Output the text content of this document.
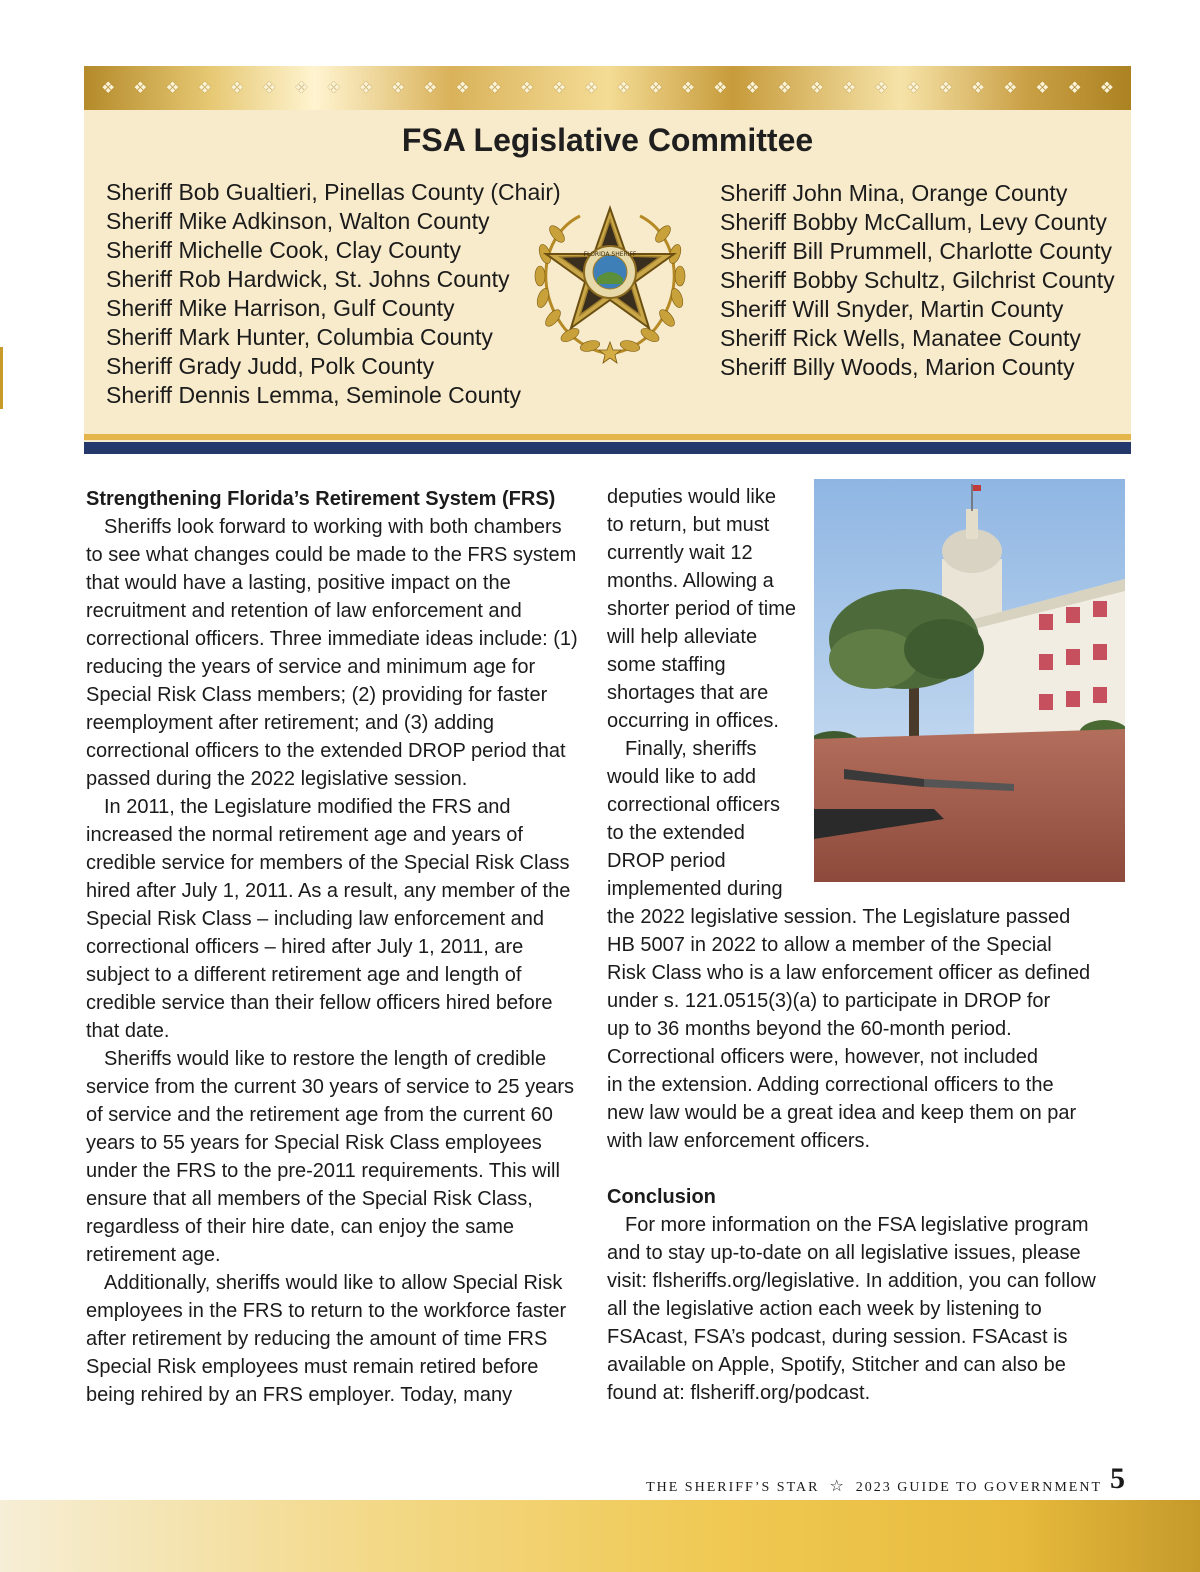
❖ ❖ ❖ ❖ ❖ ❖ ❖ ❖ ❖ ❖ ❖ ❖ ❖ ❖ ❖ ❖ ❖ ❖ ❖ ❖ ❖ ❖ ❖ ❖ ❖ ❖ ❖ ❖ ❖ ❖ ❖ ❖
FSA Legislative Committee
Sheriff Bob Gualtieri, Pinellas County (Chair)
Sheriff Mike Adkinson, Walton County
Sheriff Michelle Cook, Clay County
Sheriff Rob Hardwick, St. Johns County
Sheriff Mike Harrison, Gulf County
Sheriff Mark Hunter, Columbia County
Sheriff Grady Judd, Polk County
Sheriff Dennis Lemma, Seminole County
FLORIDA SHERIFF
Sheriff John Mina, Orange County
Sheriff Bobby McCallum, Levy County
Sheriff Bill Prummell, Charlotte County
Sheriff Bobby Schultz, Gilchrist County
Sheriff Will Snyder, Martin County
Sheriff Rick Wells, Manatee County
Sheriff Billy Woods, Marion County
Strengthening Florida’s Retirement System (FRS)

Sheriffs look forward to working with both chambers to see what changes could be made to the FRS system that would have a lasting, positive impact on the recruitment and retention of law enforcement and correctional officers. Three immediate ideas include: (1) reducing the years of service and minimum age for Special Risk Class members; (2) providing for faster reemployment after retirement; and (3) adding correctional officers to the extended DROP period that passed during the 2022 legislative session.

In 2011, the Legislature modified the FRS and increased the normal retirement age and years of credible service for members of the Special Risk Class hired after July 1, 2011. As a result, any member of the Special Risk Class – including law enforcement and correctional officers – hired after July 1, 2011, are subject to a different retirement age and length of credible service than their fellow officers hired before that date.

Sheriffs would like to restore the length of credible service from the current 30 years of service to 25 years of service and the retirement age from the current 60 years to 55 years for Special Risk Class employees under the FRS to the pre-2011 requirements. This will ensure that all members of the Special Risk Class, regardless of their hire date, can enjoy the same retirement age.

Additionally, sheriffs would like to allow Special Risk employees in the FRS to return to the workforce faster after retirement by reducing the amount of time FRS Special Risk employees must remain retired before being rehired by an FRS employer. Today, many

deputies would like
to return, but must
currently wait 12
months. Allowing a
shorter period of time
will help alleviate
some staffing
shortages that are
occurring in offices.
Finally, sheriffs
would like to add
correctional officers
to the extended
DROP period
implemented during
the 2022 legislative session. The Legislature passed
HB 5007 in 2022 to allow a member of the Special
Risk Class who is a law enforcement officer as defined
under s. 121.0515(3)(a) to participate in DROP for
up to 36 months beyond the 60-month period.
Correctional officers were, however, not included
in the extension. Adding correctional officers to the
new law would be a great idea and keep them on par
with law enforcement officers.
Conclusion

For more information on the FSA legislative program and to stay up-to-date on all legislative issues, please visit: flsheriffs.org/legislative. In addition, you can follow all the legislative action each week by listening to FSAcast, FSA’s podcast, during session. FSAcast is available on Apple, Spotify, Stitcher and can also be found at: flsheriff.org/podcast.

THE SHERIFF’S STAR ☆ 2023 GUIDE TO GOVERNMENT 5
